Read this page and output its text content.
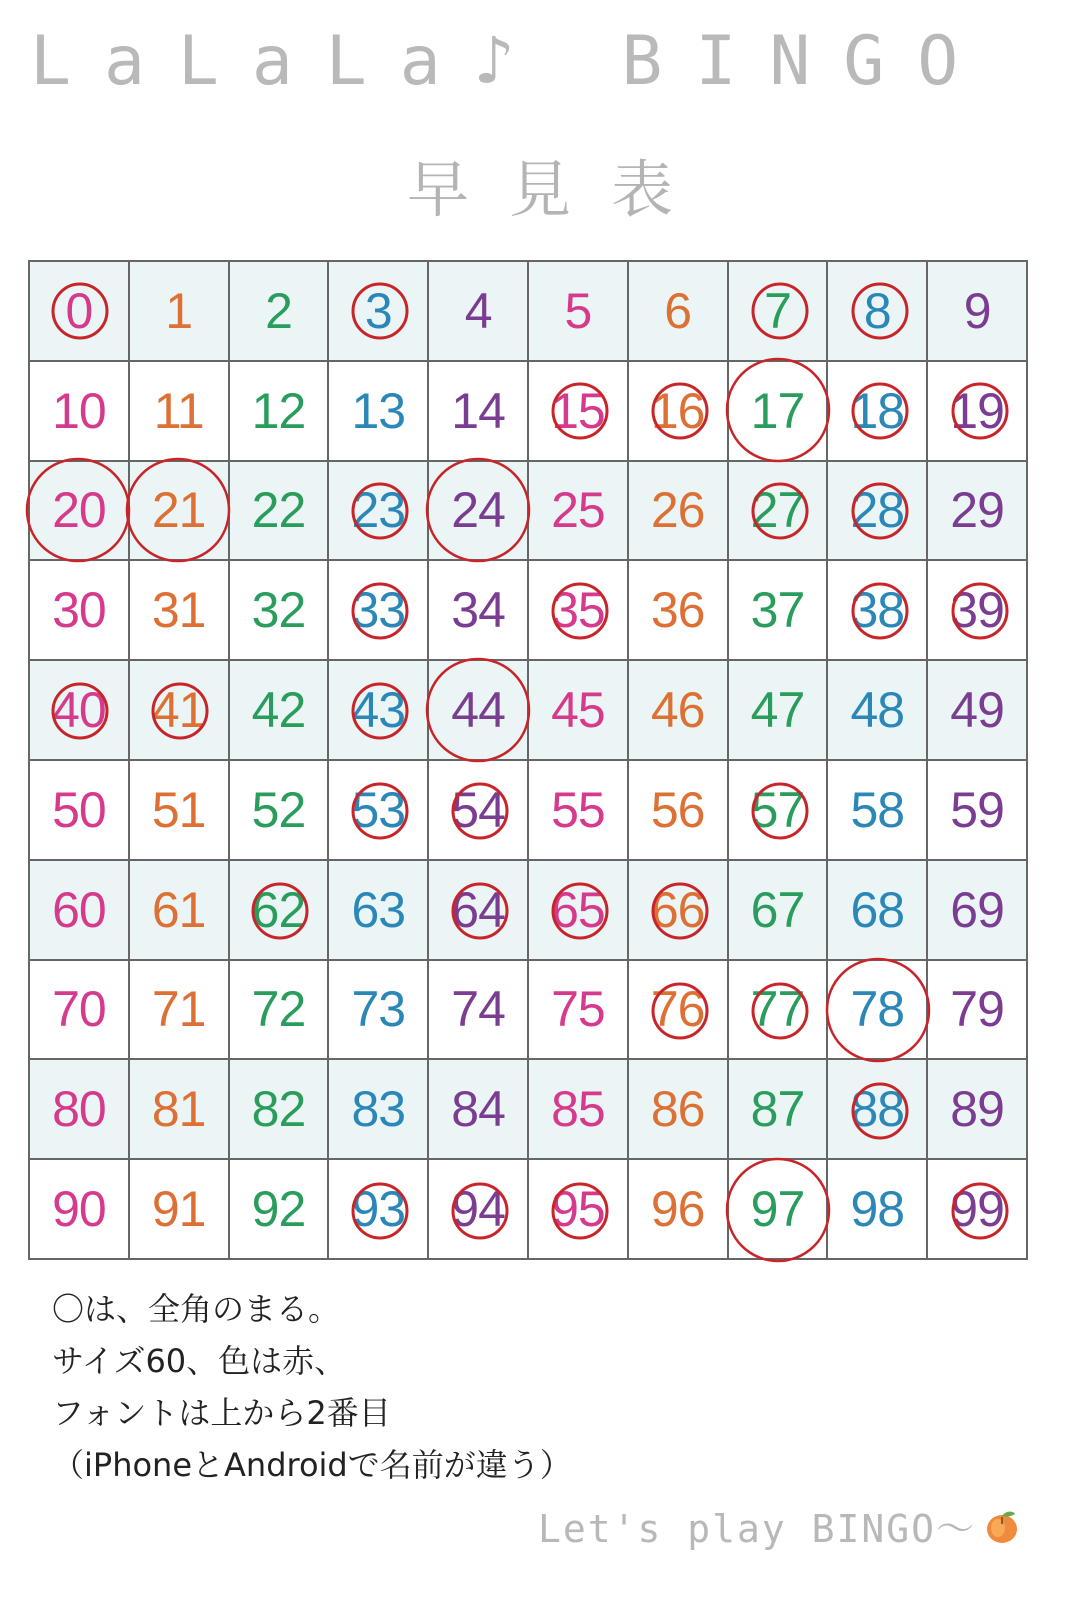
LaLaLa♪ BINGO
早見表
0	1	2	3	4	5	6	7	8	9
10 11 12 13 14 15 16 17 18 19
20 21 22 23 24 25 26 27 28 29
30 31 32 33 34 35 36 37 38 39
40 41 42 43 44 45 46 47 48 49
50 51 52 53 54 55 56 57 58 59
60 61 62 63 64 65 66 67 68 69
70 71 72 73 74 75 76 77 78 79
80 81 82 83 84 85 86 87 88 89
90 91 92 93 94 95 96 97 98 99
〇は、全角のまる。
サイズ60、色は赤、
フォントは上から2番目
（iPhoneとAndroidで名前が違う）
Let's play BINGO〜
